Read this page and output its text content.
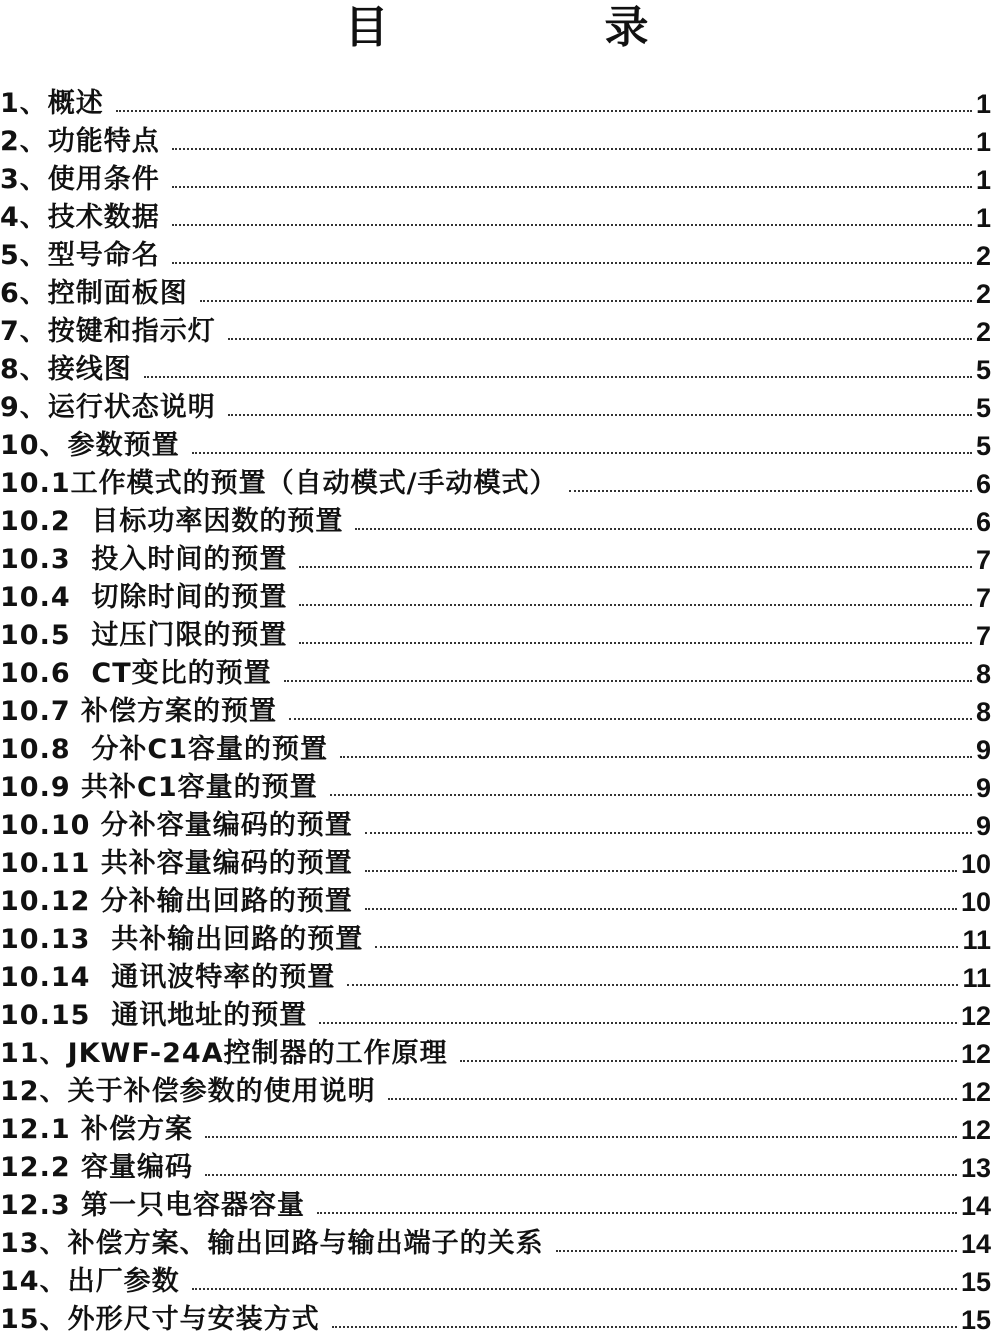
目　录
1、概述	1
2、功能特点	1
3、使用条件	1
4、技术数据	1
5、型号命名	2
6、控制面板图	2
7、按键和指示灯	2
8、接线图	5
9、运行状态说明	5
10、参数预置	5
10.1工作模式的预置（自动模式/手动模式）	6
10.2  目标功率因数的预置	6
10.3  投入时间的预置	7
10.4  切除时间的预置	7
10.5  过压门限的预置	7
10.6  CT变比的预置	8
10.7 补偿方案的预置	8
10.8  分补C1容量的预置	9
10.9 共补C1容量的预置	9
10.10 分补容量编码的预置	9
10.11 共补容量编码的预置	10
10.12 分补输出回路的预置	10
10.13  共补输出回路的预置	11
10.14  通讯波特率的预置	11
10.15  通讯地址的预置	12
11、JKWF-24A控制器的工作原理	12
12、关于补偿参数的使用说明	12
12.1 补偿方案	12
12.2 容量编码	13
12.3 第一只电容器容量	14
13、补偿方案、输出回路与输出端子的关系	14
14、出厂参数	15
15、外形尺寸与安装方式	15
